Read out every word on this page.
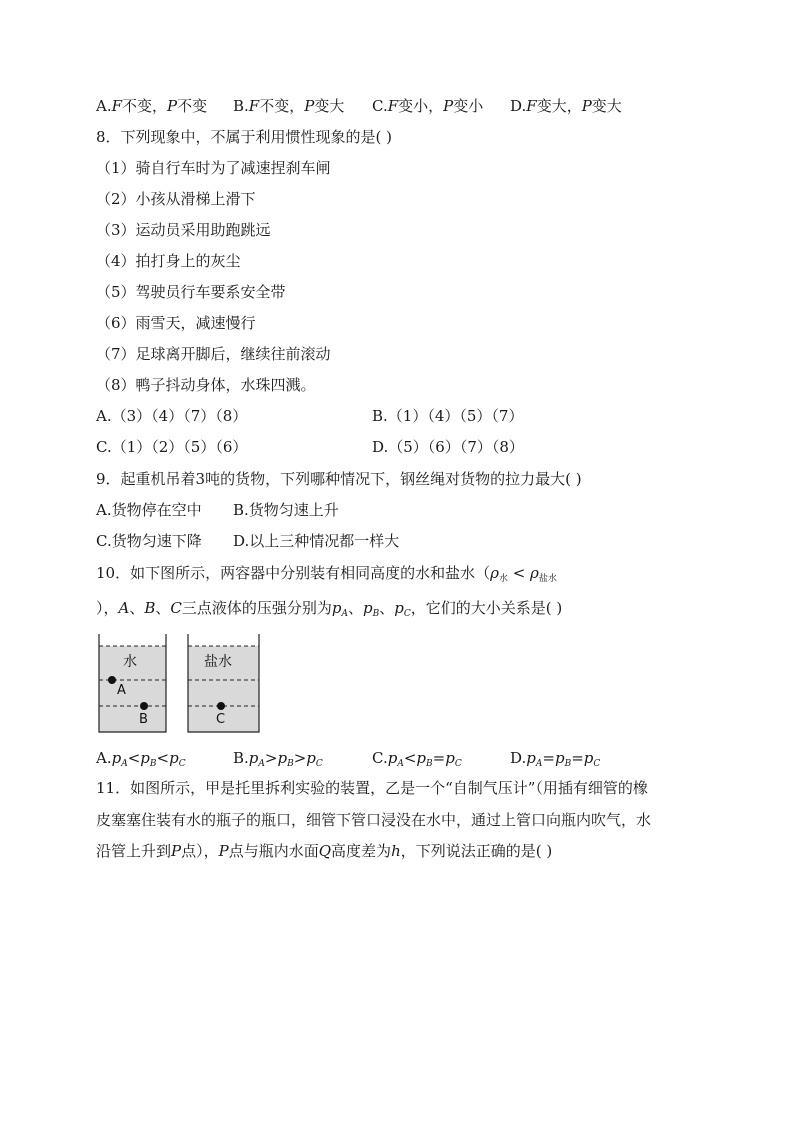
A.F不变，P不变 B.F不变，P变大 C.F变小，P变小 D.F变大，P变大
8．下列现象中，不属于利用惯性现象的是( )
（1）骑自行车时为了减速捏刹车闸
（2）小孩从滑梯上滑下
（3）运动员采用助跑跳远
（4）拍打身上的灰尘
（5）驾驶员行车要系安全带
（6）雨雪天，减速慢行
（7）足球离开脚后，继续往前滚动
（8）鸭子抖动身体，水珠四溅。
A.（3）（4）（7）（8）	B.（1）（4）（5）（7）
C.（1）（2）（5）（6）	D.（5）（6）（7）（8）
9．起重机吊着3吨的货物，下列哪种情况下，钢丝绳对货物的拉力最大( )
A.货物停在空中 B.货物匀速上升
C.货物匀速下降 D.以上三种情况都一样大
10．如下图所示，两容器中分别装有相同高度的水和盐水（$\rho_水 < \rho_{盐水}$
），A、B、C三点液体的压强分别为$p_A$、$p_B$、$p_C$，它们的大小关系是( )
水	盐水
A
B	C
$A.p_A<p_B<p_C$	$B.p_A>p_B>p_C$	$C.p_A<p_B=p_C$	$D.p_A=p_B=p_C$
11．如图所示，甲是托里拆利实验的装置，乙是一个“自制气压计”（用插有细管的橡
皮塞塞住装有水的瓶子的瓶口，细管下管口浸没在水中，通过上管口向瓶内吹气，水
沿管上升到P点），P点与瓶内水面Q高度差为h，下列说法正确的是( )
